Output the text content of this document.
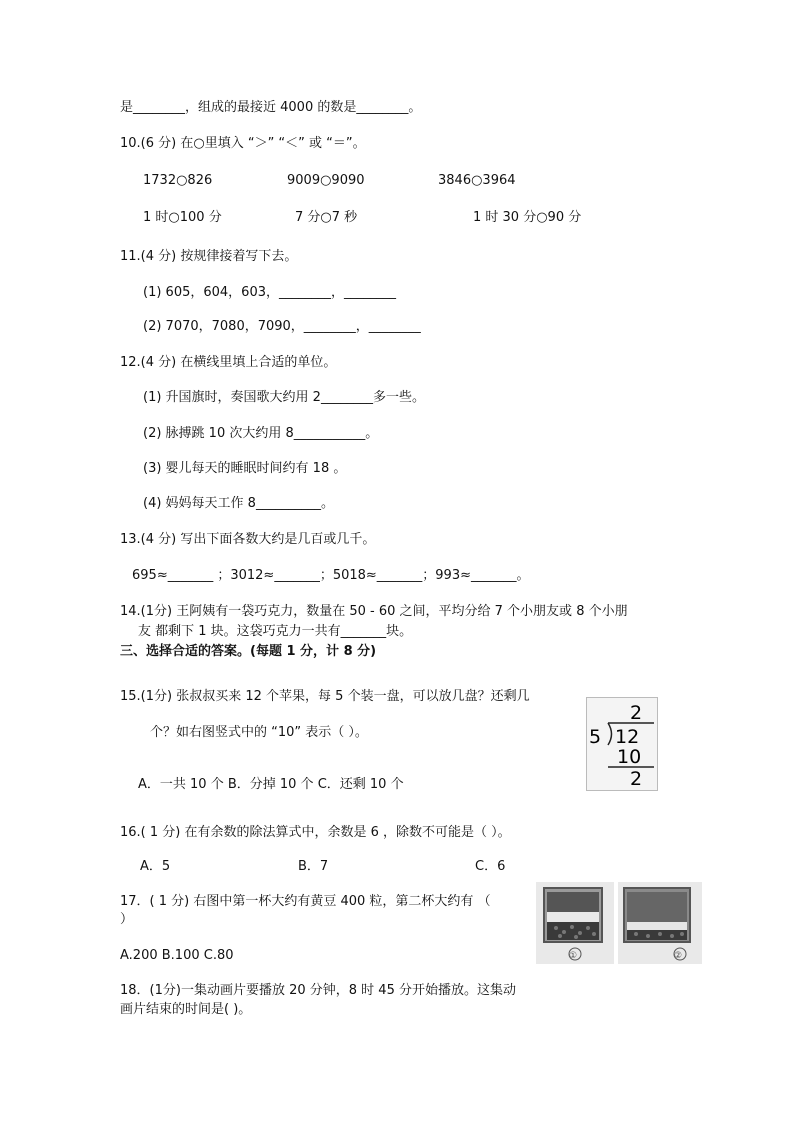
是________，组成的最接近 4000 的数是________。
10.(6 分) 在○里填入 “＞” “＜” 或 “＝”。
1732○826	9009○9090	3846○3964
1 时○100 分	7 分○7 秒	1 时 30 分○90 分
11.(4 分) 按规律接着写下去。
(1) 605，604，603，________，________
(2) 7070，7080，7090，________，________
12.(4 分) 在横线里填上合适的单位。
(1) 升国旗时，奏国歌大约用 2________多一些。
(2) 脉搏跳 10 次大约用 8___________。
(3) 婴儿每天的睡眠时间约有 18 。
(4) 妈妈每天工作 8__________。
13.(4 分) 写出下面各数大约是几百或几千。
695≈_______ ；3012≈_______；5018≈_______；993≈_______。
14.(1分) 王阿姨有一袋巧克力，数量在 50 - 60 之间，平均分给 7 个小朋友或 8 个小朋
友 都剩下 1 块。这袋巧克力一共有_______块。
三、选择合适的答案。(每题 1 分，计 8 分)
15.(1分) 张叔叔买来 12 个苹果，每 5 个装一盘，可以放几盘？还剩几
个？如右图竖式中的 “10” 表示（ ）。
A．一共 10 个 B．分掉 10 个 C．还剩 10 个
2
5 12
10
2
16.( 1 分) 在有余数的除法算式中，余数是 6 ，除数不可能是（ ）。
A．5	B．7	C．6
17．( 1 分) 右图中第一杯大约有黄豆 400 粒，第二杯大约有 （
）
A.200 B.100 C.80	①	②
18．(1分)一集动画片要播放 20 分钟，8 时 45 分开始播放。这集动
画片结束的时间是( )。
